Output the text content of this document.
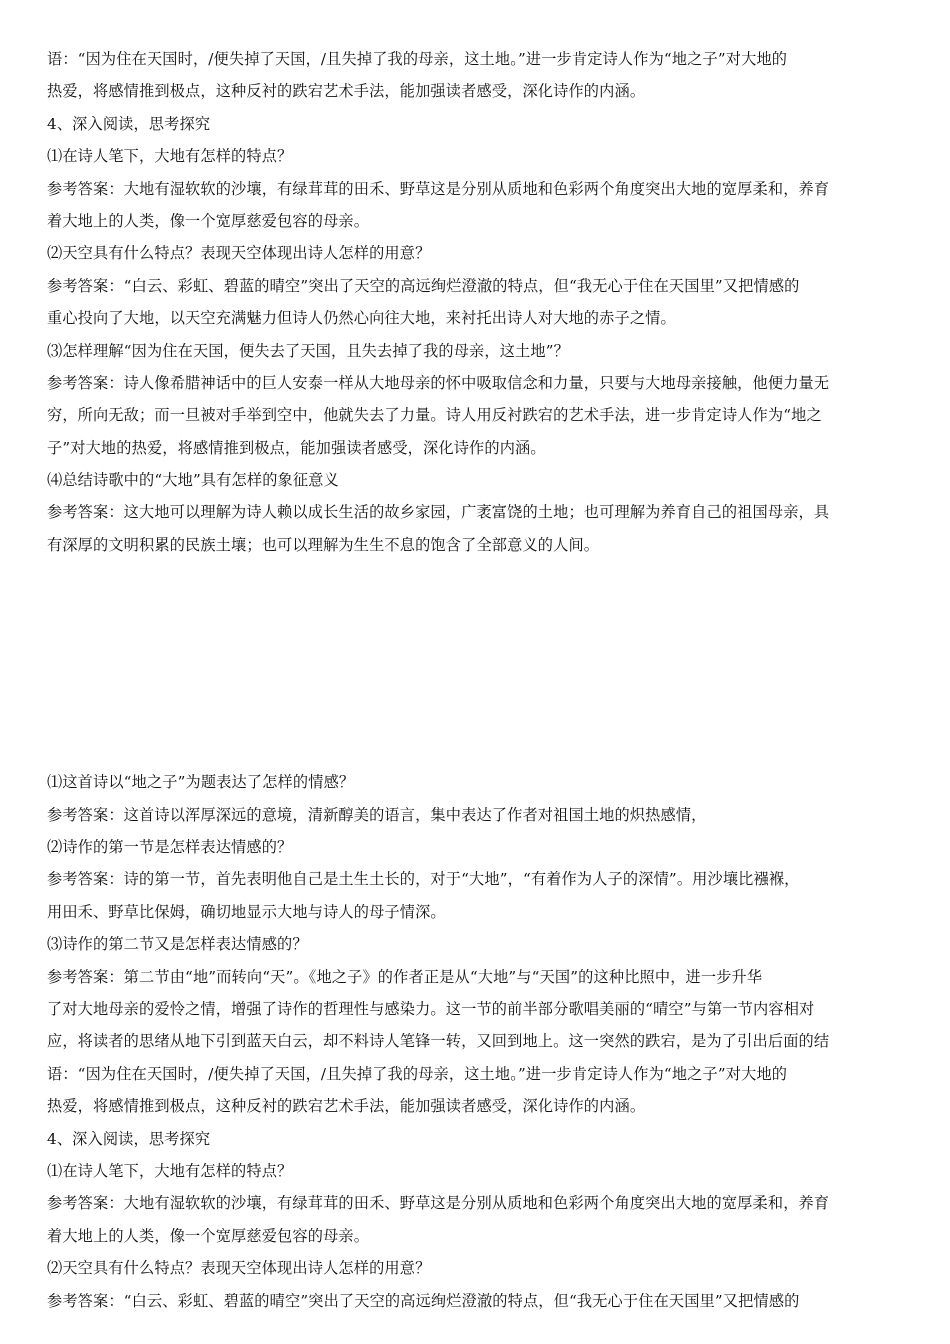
语：“因为住在天国时，/便失掉了天国，/且失掉了我的母亲，这土地。”进一步肯定诗人作为“地之子”对大地的
热爱，将感情推到极点，这种反衬的跌宕艺术手法，能加强读者感受，深化诗作的内涵。
4、深入阅读，思考探究
⑴在诗人笔下，大地有怎样的特点？
参考答案：大地有湿软软的沙壤，有绿茸茸的田禾、野草这是分别从质地和色彩两个角度突出大地的宽厚柔和，养育
着大地上的人类，像一个宽厚慈爱包容的母亲。
⑵天空具有什么特点？表现天空体现出诗人怎样的用意？
参考答案：“白云、彩虹、碧蓝的晴空”突出了天空的高远绚烂澄澈的特点，但“我无心于住在天国里”又把情感的
重心投向了大地，以天空充满魅力但诗人仍然心向往大地，来衬托出诗人对大地的赤子之情。
⑶怎样理解“因为住在天国，便失去了天国，且失去掉了我的母亲，这土地”？
参考答案：诗人像希腊神话中的巨人安泰一样从大地母亲的怀中吸取信念和力量，只要与大地母亲接触，他便力量无
穷，所向无敌；而一旦被对手举到空中，他就失去了力量。诗人用反衬跌宕的艺术手法，进一步肯定诗人作为“地之
子”对大地的热爱，将感情推到极点，能加强读者感受，深化诗作的内涵。
⑷总结诗歌中的“大地”具有怎样的象征意义
参考答案：这大地可以理解为诗人赖以成长生活的故乡家园，广袤富饶的土地；也可理解为养育自己的祖国母亲，具
有深厚的文明积累的民族土壤；也可以理解为生生不息的饱含了全部意义的人间。
⑴这首诗以“地之子”为题表达了怎样的情感？
参考答案：这首诗以浑厚深远的意境，清新醇美的语言，集中表达了作者对祖国土地的炽热感情，
⑵诗作的第一节是怎样表达情感的？
参考答案：诗的第一节，首先表明他自己是土生土长的，对于“大地”，“有着作为人子的深情”。用沙壤比襁褓，
用田禾、野草比保姆，确切地显示大地与诗人的母子情深。
⑶诗作的第二节又是怎样表达情感的？
参考答案：第二节由“地”而转向“天”。《地之子》的作者正是从“大地”与“天国”的这种比照中，进一步升华
了对大地母亲的爱怜之情，增强了诗作的哲理性与感染力。这一节的前半部分歌唱美丽的“晴空”与第一节内容相对
应，将读者的思绪从地下引到蓝天白云，却不料诗人笔锋一转，又回到地上。这一突然的跌宕，是为了引出后面的结
语：“因为住在天国时，/便失掉了天国，/且失掉了我的母亲，这土地。”进一步肯定诗人作为“地之子”对大地的
热爱，将感情推到极点，这种反衬的跌宕艺术手法，能加强读者感受，深化诗作的内涵。
4、深入阅读，思考探究
⑴在诗人笔下，大地有怎样的特点？
参考答案：大地有湿软软的沙壤，有绿茸茸的田禾、野草这是分别从质地和色彩两个角度突出大地的宽厚柔和，养育
着大地上的人类，像一个宽厚慈爱包容的母亲。
⑵天空具有什么特点？表现天空体现出诗人怎样的用意？
参考答案：“白云、彩虹、碧蓝的晴空”突出了天空的高远绚烂澄澈的特点，但“我无心于住在天国里”又把情感的
